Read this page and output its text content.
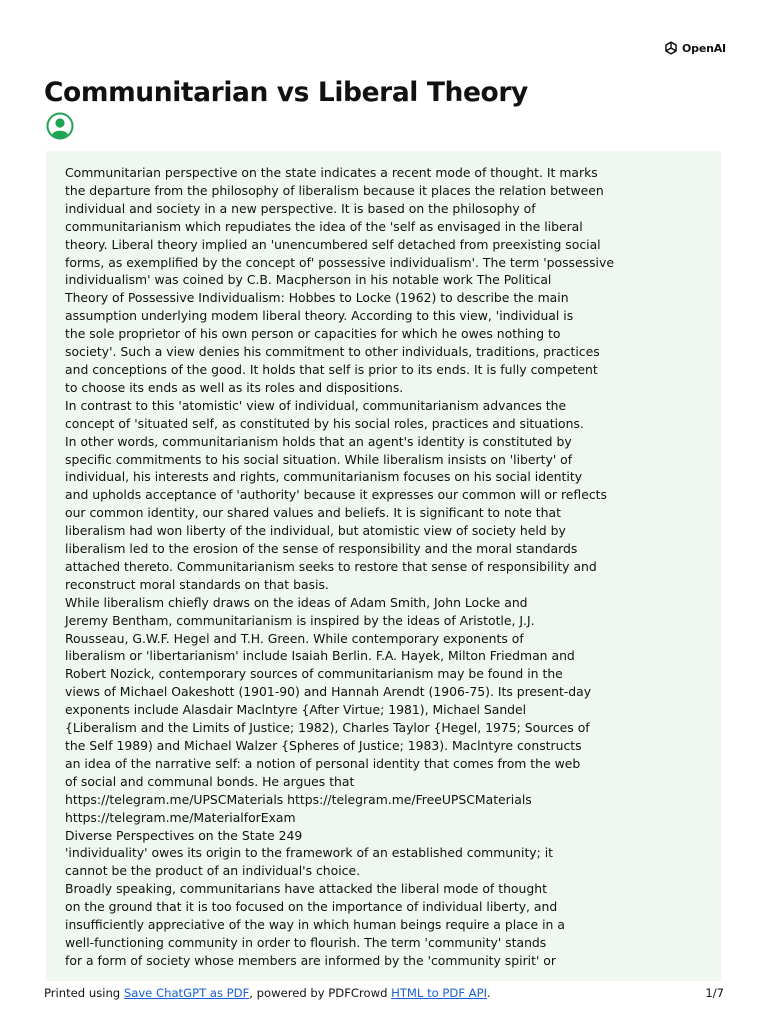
OpenAI
Communitarian vs Liberal Theory

Communitarian perspective on the state indicates a recent mode of thought. It marks
the departure from the philosophy of liberalism because it places the relation between
individual and society in a new perspective. It is based on the philosophy of
communitarianism which repudiates the idea of the 'self as envisaged in the liberal
theory. Liberal theory implied an 'unencumbered self detached from preexisting social
forms, as exemplified by the concept of' possessive individualism'. The term 'possessive
individualism' was coined by C.B. Macpherson in his notable work The Political
Theory of Possessive Individualism: Hobbes to Locke (1962) to describe the main
assumption underlying modem liberal theory. According to this view, 'individual is
the sole proprietor of his own person or capacities for which he owes nothing to
society'. Such a view denies his commitment to other individuals, traditions, practices
and conceptions of the good. It holds that self is prior to its ends. It is fully competent
to choose its ends as well as its roles and dispositions.
In contrast to this 'atomistic' view of individual, communitarianism advances the
concept of 'situated self, as constituted by his social roles, practices and situations.
In other words, communitarianism holds that an agent's identity is constituted by
specific commitments to his social situation. While liberalism insists on 'liberty' of
individual, his interests and rights, communitarianism focuses on his social identity
and upholds acceptance of 'authority' because it expresses our common will or reflects
our common identity, our shared values and beliefs. It is significant to note that
liberalism had won liberty of the individual, but atomistic view of society held by
liberalism led to the erosion of the sense of responsibility and the moral standards
attached thereto. Communitarianism seeks to restore that sense of responsibility and
reconstruct moral standards on that basis.
While liberalism chiefly draws on the ideas of Adam Smith, John Locke and
Jeremy Bentham, communitarianism is inspired by the ideas of Aristotle, J.J.
Rousseau, G.W.F. Hegel and T.H. Green. While contemporary exponents of
liberalism or 'libertarianism' include Isaiah Berlin. F.A. Hayek, Milton Friedman and
Robert Nozick, contemporary sources of communitarianism may be found in the
views of Michael Oakeshott (1901-90) and Hannah Arendt (1906-75). Its present-day
exponents include Alasdair Maclntyre {After Virtue; 1981), Michael Sandel
{Liberalism and the Limits of Justice; 1982), Charles Taylor {Hegel, 1975; Sources of
the Self 1989) and Michael Walzer {Spheres of Justice; 1983). Maclntyre constructs
an idea of the narrative self: a notion of personal identity that comes from the web
of social and communal bonds. He argues that
https://telegram.me/UPSCMaterials https://telegram.me/FreeUPSCMaterials
https://telegram.me/MaterialforExam
Diverse Perspectives on the State 249
'individuality' owes its origin to the framework of an established community; it
cannot be the product of an individual's choice.
Broadly speaking, communitarians have attacked the liberal mode of thought
on the ground that it is too focused on the importance of individual liberty, and
insufficiently appreciative of the way in which human beings require a place in a
well-functioning community in order to flourish. The term 'community' stands
for a form of society whose members are informed by the 'community spirit' or

Printed using Save ChatGPT as PDF, powered by PDFCrowd HTML to PDF API.	1/7
